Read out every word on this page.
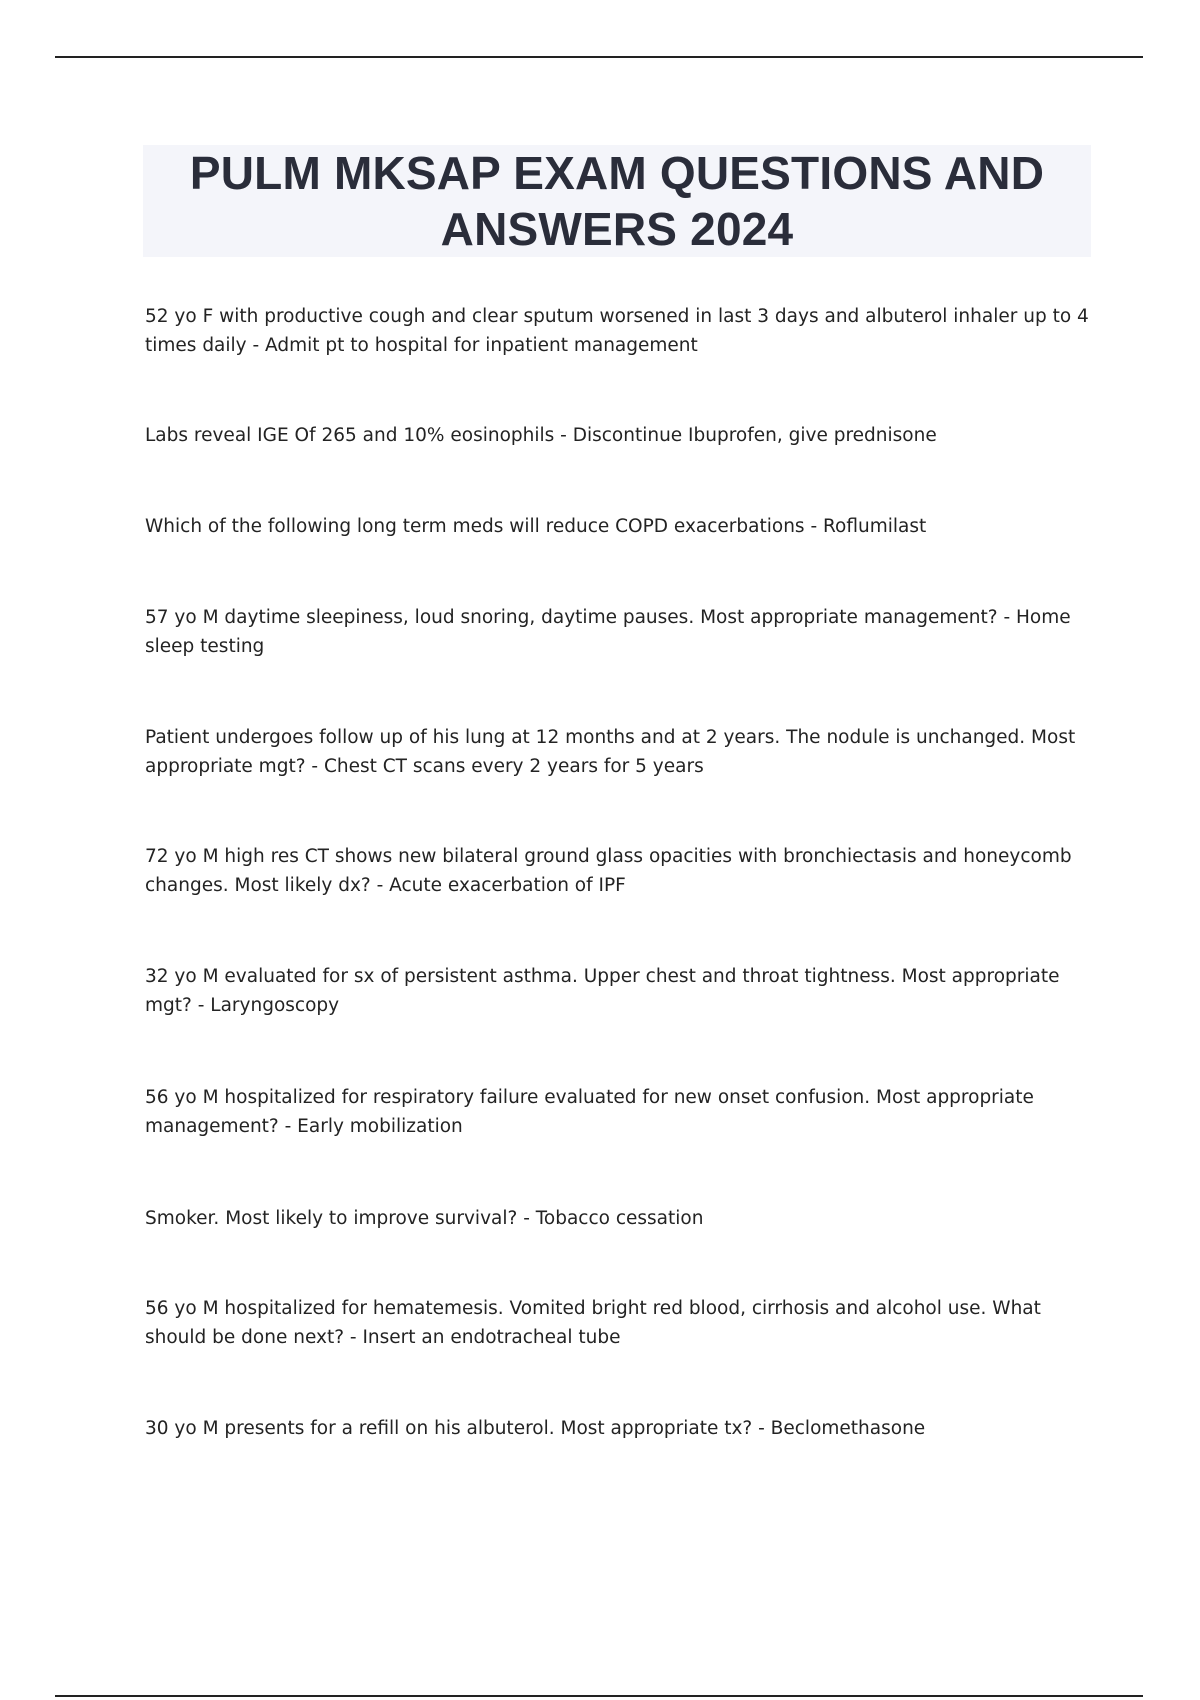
PULM MKSAP EXAM QUESTIONS AND ANSWERS 2024

52 yo F with productive cough and clear sputum worsened in last 3 days and albuterol inhaler up to 4 times daily - Admit pt to hospital for inpatient management

Labs reveal IGE Of 265 and 10% eosinophils - Discontinue Ibuprofen, give prednisone

Which of the following long term meds will reduce COPD exacerbations - Roflumilast

57 yo M daytime sleepiness, loud snoring, daytime pauses. Most appropriate management? - Home sleep testing

Patient undergoes follow up of his lung at 12 months and at 2 years. The nodule is unchanged. Most appropriate mgt? - Chest CT scans every 2 years for 5 years

72 yo M high res CT shows new bilateral ground glass opacities with bronchiectasis and honeycomb changes. Most likely dx? - Acute exacerbation of IPF

32 yo M evaluated for sx of persistent asthma. Upper chest and throat tightness. Most appropriate mgt? - Laryngoscopy

56 yo M hospitalized for respiratory failure evaluated for new onset confusion. Most appropriate management? - Early mobilization

Smoker. Most likely to improve survival? - Tobacco cessation

56 yo M hospitalized for hematemesis. Vomited bright red blood, cirrhosis and alcohol use. What should be done next? - Insert an endotracheal tube

30 yo M presents for a refill on his albuterol. Most appropriate tx? - Beclomethasone
